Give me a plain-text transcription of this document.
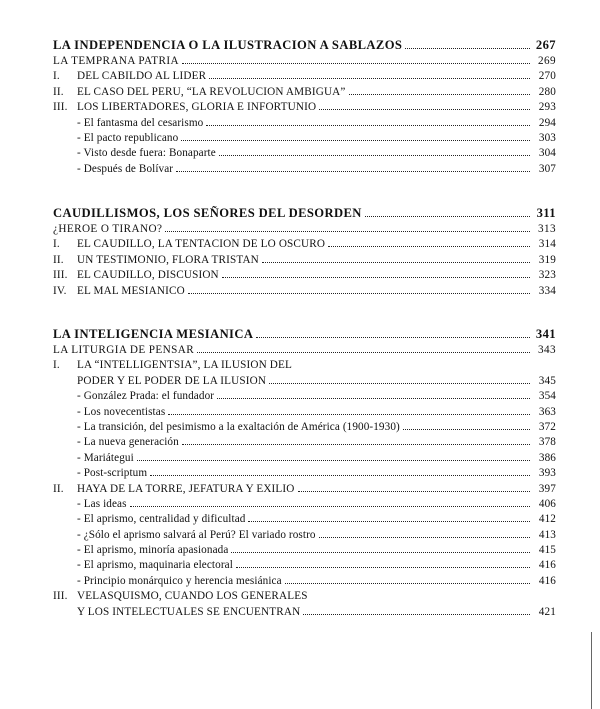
LA INDEPENDENCIA O LA ILUSTRACION A SABLAZOS	267
LA TEMPRANA PATRIA	269
I.	DEL CABILDO AL LIDER	270
II.	EL CASO DEL PERU, “LA REVOLUCION AMBIGUA”	280
III. LOS LIBERTADORES, GLORIA E INFORTUNIO	293
- El fantasma del cesarismo	294
- El pacto republicano	303
- Visto desde fuera: Bonaparte	304
- Después de Bolívar	307
CAUDILLISMOS, LOS SEÑORES DEL DESORDEN	311
¿HEROE O TIRANO?	313
I.	EL CAUDILLO, LA TENTACION DE LO OSCURO	314
II.	UN TESTIMONIO, FLORA TRISTAN	319
III. EL CAUDILLO, DISCUSION	323
IV. EL MAL MESIANICO	334
LA INTELIGENCIA MESIANICA	341
LA LITURGIA DE PENSAR	343
I.	LA “INTELLIGENTSIA”, LA ILUSION DEL
PODER Y EL PODER DE LA ILUSION	345
- González Prada: el fundador	354
- Los novecentistas	363
- La transición, del pesimismo a la exaltación de América (1900-1930)	372
- La nueva generación	378
- Mariátegui	386
- Post-scriptum	393
II.	HAYA DE LA TORRE, JEFATURA Y EXILIO	397
- Las ideas	406
- El aprismo, centralidad y dificultad	412
- ¿Sólo el aprismo salvará al Perú? El variado rostro	413
- El aprismo, minoría apasionada	415
- El aprismo, maquinaria electoral	416
- Principio monárquico y herencia mesiánica	416
III. VELASQUISMO, CUANDO LOS GENERALES
Y LOS INTELECTUALES SE ENCUENTRAN	421
